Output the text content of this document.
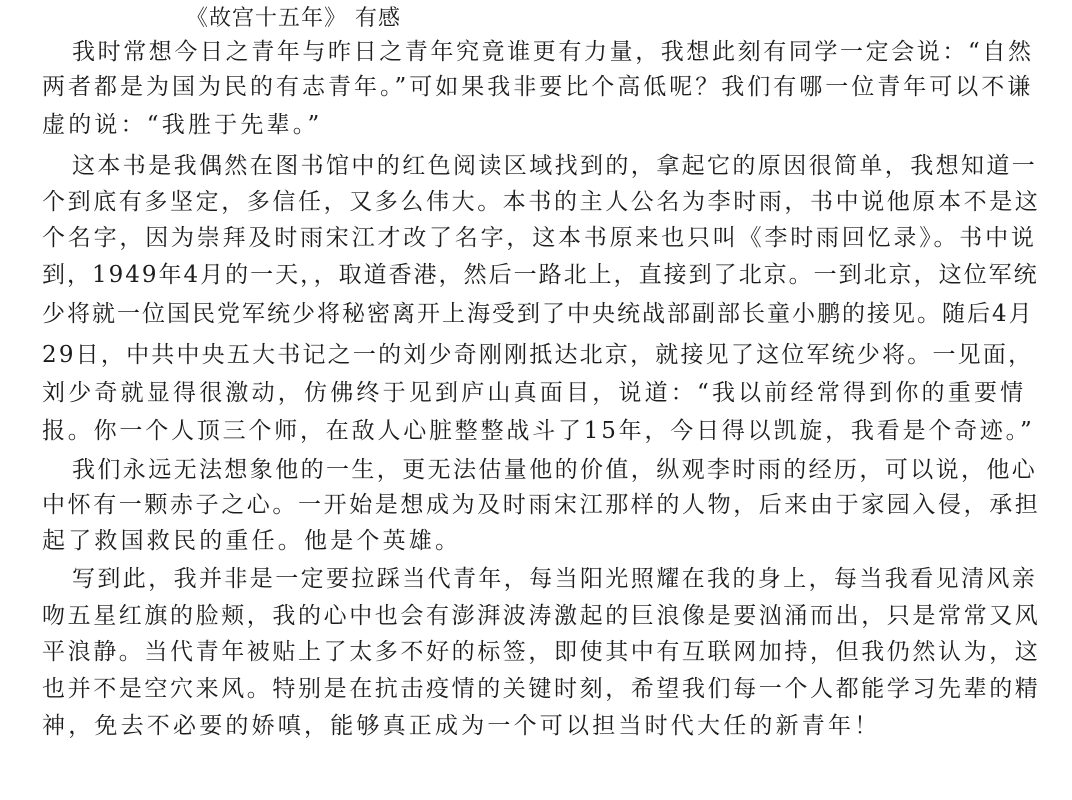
《故宫十五年》 有感
我时常想今日之青年与昨日之青年究竟谁更有力量，我想此刻有同学一定会说：“自然
两者都是为国为民的有志青年。”可如果我非要比个高低呢？我们有哪一位青年可以不谦
虚的说：“我胜于先辈。”
这本书是我偶然在图书馆中的红色阅读区域找到的，拿起它的原因很简单，我想知道一
个到底有多坚定，多信任，又多么伟大。本书的主人公名为李时雨，书中说他原本不是这
个名字，因为崇拜及时雨宋江才改了名字，这本书原来也只叫《李时雨回忆录》。书中说
到，1949年4月的一天，，取道香港，然后一路北上，直接到了北京。一到北京，这位军统
少将就一位国民党军统少将秘密离开上海受到了中央统战部副部长童小鹏的接见。随后4月
29日，中共中央五大书记之一的刘少奇刚刚抵达北京，就接见了这位军统少将。一见面，
刘少奇就显得很激动，仿佛终于见到庐山真面目，说道：“我以前经常得到你的重要情
报。你一个人顶三个师，在敌人心脏整整战斗了15年，今日得以凯旋，我看是个奇迹。”
我们永远无法想象他的一生，更无法估量他的价值，纵观李时雨的经历，可以说，他心
中怀有一颗赤子之心。一开始是想成为及时雨宋江那样的人物，后来由于家园入侵，承担
起了救国救民的重任。他是个英雄。
写到此，我并非是一定要拉踩当代青年，每当阳光照耀在我的身上，每当我看见清风亲
吻五星红旗的脸颊，我的心中也会有澎湃波涛激起的巨浪像是要汹涌而出，只是常常又风
平浪静。当代青年被贴上了太多不好的标签，即使其中有互联网加持，但我仍然认为，这
也并不是空穴来风。特别是在抗击疫情的关键时刻，希望我们每一个人都能学习先辈的精
神，免去不必要的娇嗔，能够真正成为一个可以担当时代大任的新青年！
